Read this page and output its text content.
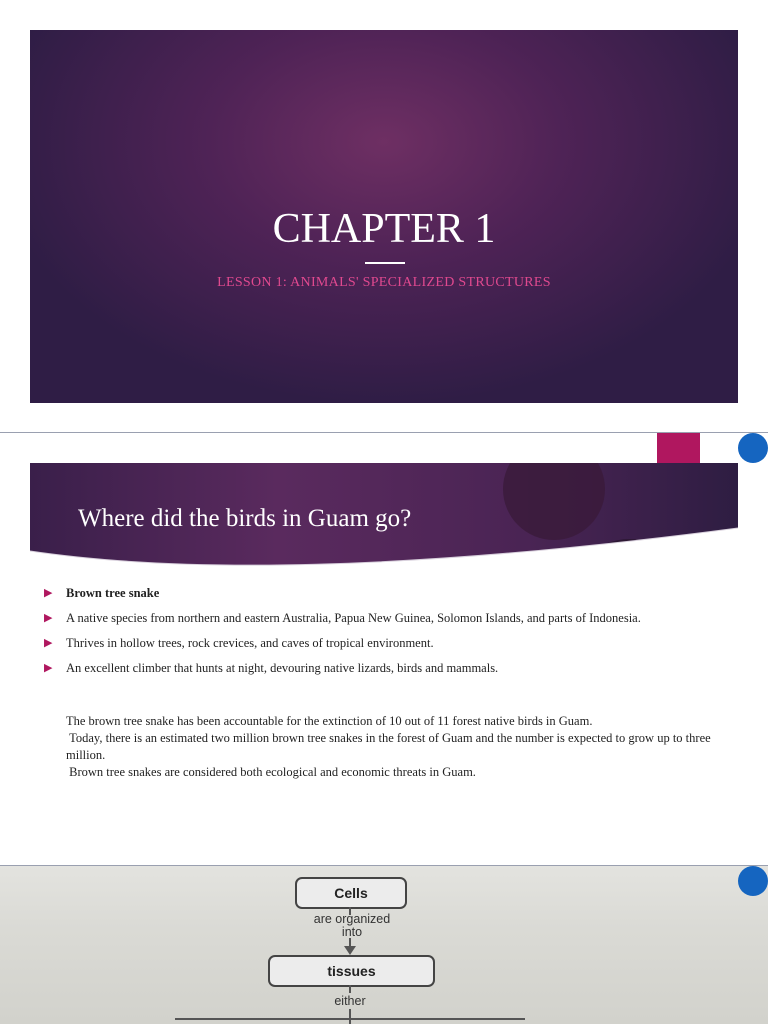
CHAPTER 1
LESSON 1: ANIMALS' SPECIALIZED STRUCTURES
Where did the birds in Guam go?
▶ Brown tree snake
▶ A native species from northern and eastern Australia, Papua New Guinea, Solomon Islands, and parts of Indonesia.
▶ Thrives in hollow trees, rock crevices, and caves of tropical environment.
▶ An excellent climber that hunts at night, devouring native lizards, birds and mammals.
The brown tree snake has been accountable for the extinction of 10 out of 11 forest native birds in Guam.
Today, there is an estimated two million brown tree snakes in the forest of Guam and the number is expected to grow up to three million.
Brown tree snakes are considered both ecological and economic threats in Guam.
Cells
are organized
into
tissues
either
